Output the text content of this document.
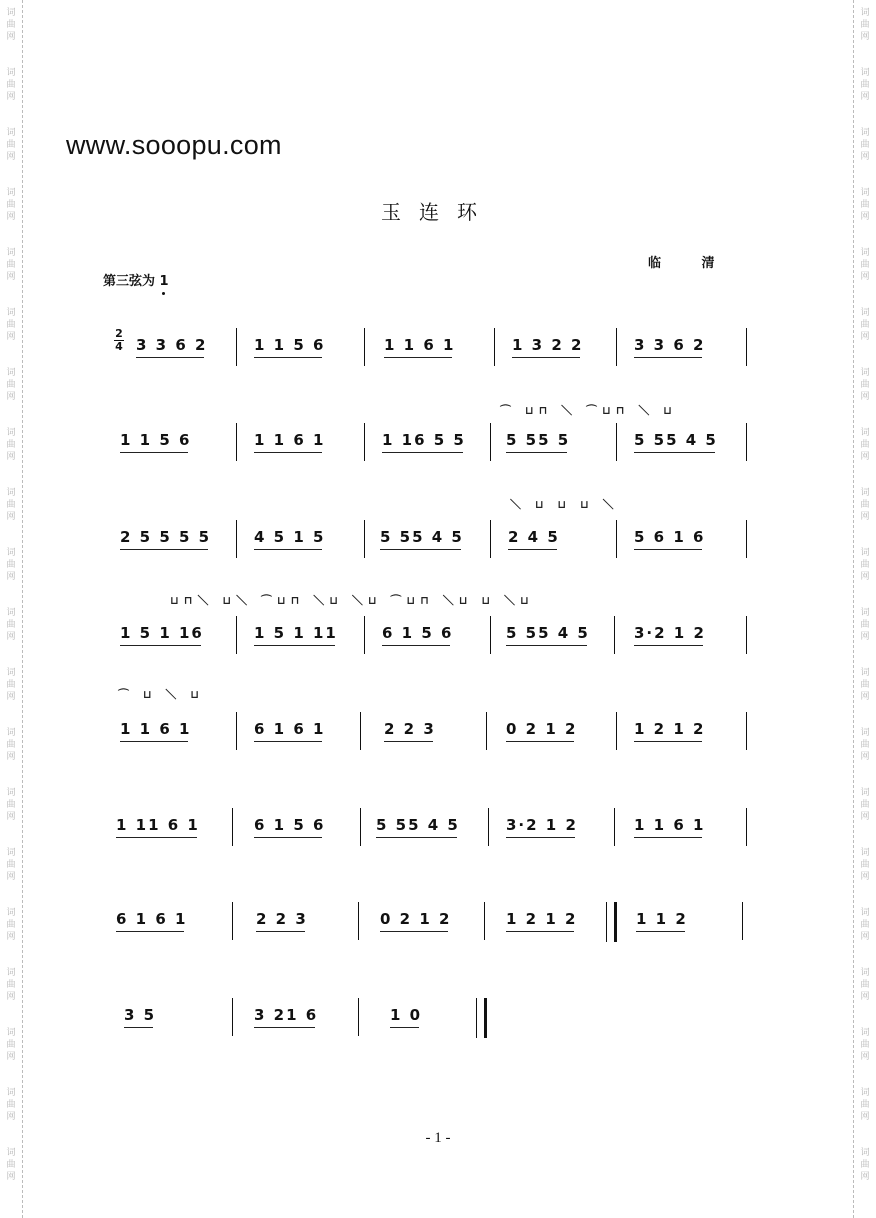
词
曲
网
词
曲
网
词
曲
网
词
曲
网
词
曲
网
词
曲
网
词
曲
网
词
曲
网
词
曲
网
词
曲
网
词
曲
网
词
曲
网
词
曲
网
词
曲
网
词
曲
网
词
曲
网
词
曲
网
词
曲
网
词
曲
网
词
曲
网
词
曲
网
词
曲
网
词
曲
网
词
曲
网
词
曲
网
词
曲
网
词
曲
网
词
曲
网
词
曲
网
词
曲
网
词
曲
网
词
曲
网
词
曲
网
词
曲
网
词
曲
网
词
曲
网
词
曲
网
词
曲
网
词
曲
网
词
曲
网
www.sooopu.com
玉连环
临 清
第三弦为 1
2
4 3 3 6 2	1 1 5 6	1 1 6 1	1 3 2 2	3 3 6 2
⌒ ⊔⊓ ＼ ⌒⊔⊓ ＼ ⊔
1 1 5 6	1 1 6 1	1 16 5 5	5 55 5	5 55 4 5
＼ ⊔ ⊔ ⊔ ＼
2 5 5 5 5	4 5 1 5	5 55 4 5	2 4 5	5 6 1 6
⊔⊓＼ ⊔＼ ⌒⊔⊓ ＼⊔ ＼⊔ ⌒⊔⊓ ＼⊔ ⊔ ＼⊔
1 5 1 16	1 5 1 11	6 1 5 6	5 55 4 5	3·2 1 2
⌒ ⊔ ＼ ⊔
1 1 6 1	6 1 6 1	2 2 3	0 2 1 2	1 2 1 2
1 11 6 1	6 1 5 6	5 55 4 5	3·2 1 2	1 1 6 1
6 1 6 1	2 2 3	0 2 1 2	1 2 1 2	1 1 2
3 5	3 21 6	1 0
- 1 -
